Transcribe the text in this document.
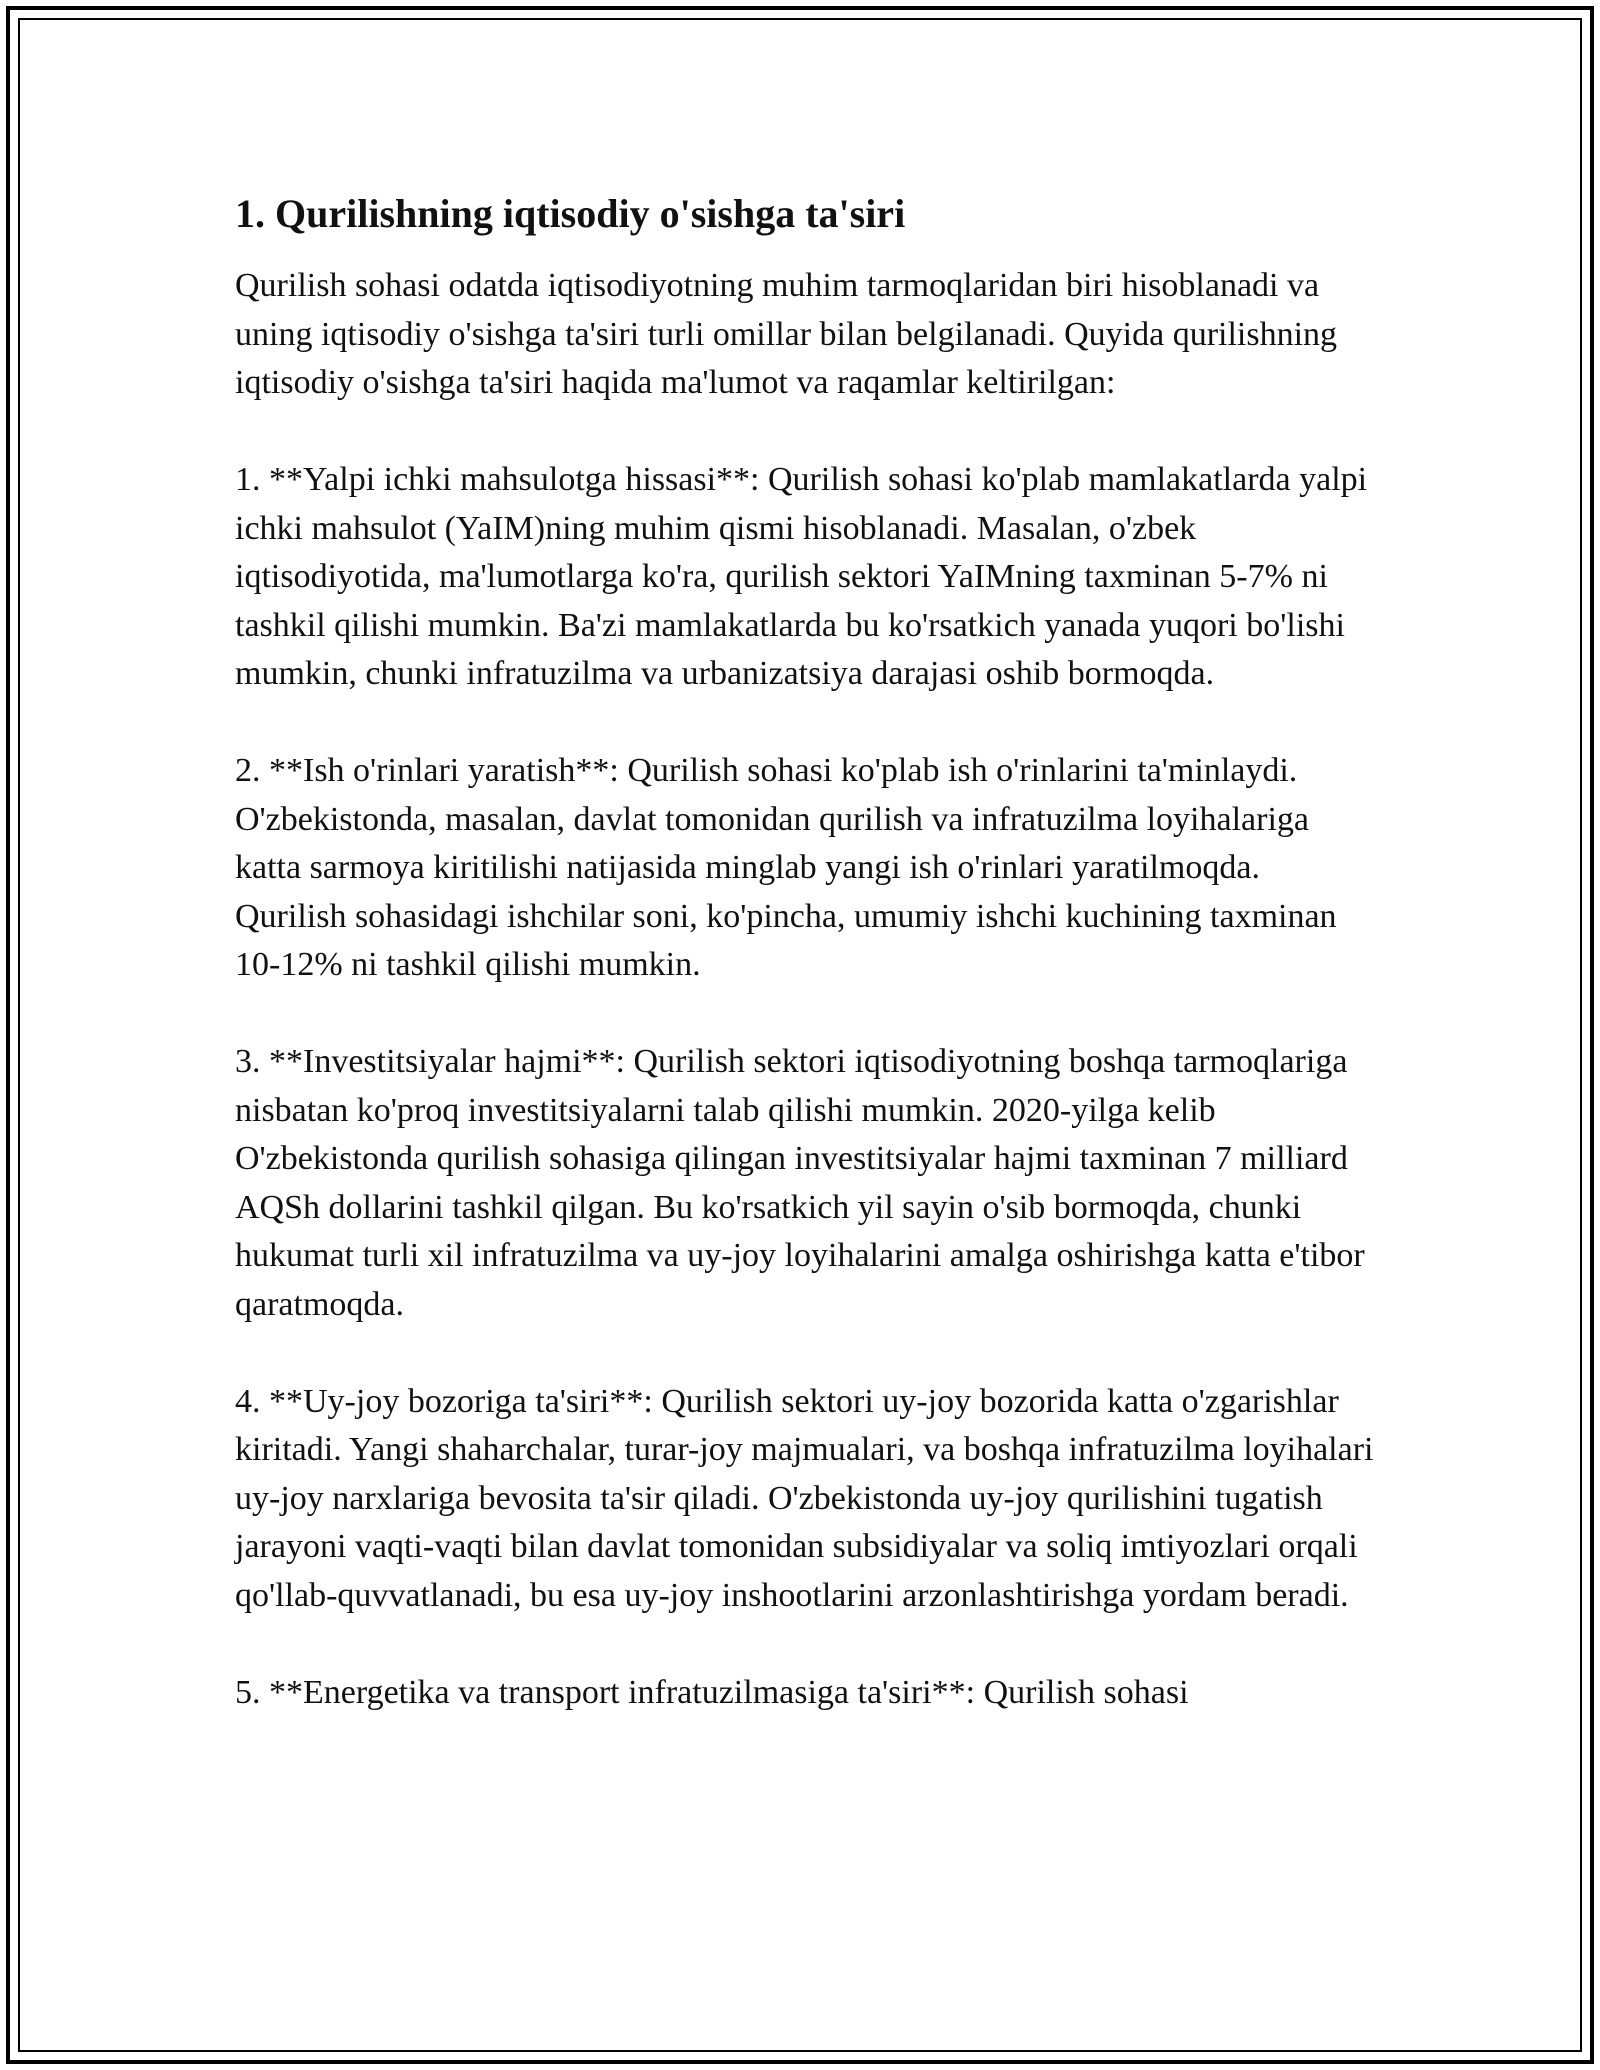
1. Qurilishning iqtisodiy o'sishga ta'siri

Qurilish sohasi odatda iqtisodiyotning muhim tarmoqlaridan biri hisoblanadi va uning iqtisodiy o'sishga ta'siri turli omillar bilan belgilanadi. Quyida qurilishning iqtisodiy o'sishga ta'siri haqida ma'lumot va raqamlar keltirilgan:

1. **Yalpi ichki mahsulotga hissasi**: Qurilish sohasi ko'plab mamlakatlarda yalpi ichki mahsulot (YaIM)ning muhim qismi hisoblanadi. Masalan, o'zbek iqtisodiyotida, ma'lumotlarga ko'ra, qurilish sektori YaIMning taxminan 5-7% ni tashkil qilishi mumkin. Ba'zi mamlakatlarda bu ko'rsatkich yanada yuqori bo'lishi mumkin, chunki infratuzilma va urbanizatsiya darajasi oshib bormoqda.

2. **Ish o'rinlari yaratish**: Qurilish sohasi ko'plab ish o'rinlarini ta'minlaydi. O'zbekistonda, masalan, davlat tomonidan qurilish va infratuzilma loyihalariga katta sarmoya kiritilishi natijasida minglab yangi ish o'rinlari yaratilmoqda. Qurilish sohasidagi ishchilar soni, ko'pincha, umumiy ishchi kuchining taxminan 10-12% ni tashkil qilishi mumkin.

3. **Investitsiyalar hajmi**: Qurilish sektori iqtisodiyotning boshqa tarmoqlariga nisbatan ko'proq investitsiyalarni talab qilishi mumkin. 2020-yilga kelib O'zbekistonda qurilish sohasiga qilingan investitsiyalar hajmi taxminan 7 milliard AQSh dollarini tashkil qilgan. Bu ko'rsatkich yil sayin o'sib bormoqda, chunki hukumat turli xil infratuzilma va uy-joy loyihalarini amalga oshirishga katta e'tibor qaratmoqda.

4. **Uy-joy bozoriga ta'siri**: Qurilish sektori uy-joy bozorida katta o'zgarishlar kiritadi. Yangi shaharchalar, turar-joy majmualari, va boshqa infratuzilma loyihalari uy-joy narxlariga bevosita ta'sir qiladi. O'zbekistonda uy-joy qurilishini tugatish jarayoni vaqti-vaqti bilan davlat tomonidan subsidiyalar va soliq imtiyozlari orqali qo'llab-quvvatlanadi, bu esa uy-joy inshootlarini arzonlashtirishga yordam beradi.

5. **Energetika va transport infratuzilmasiga ta'siri**: Qurilish sohasi
